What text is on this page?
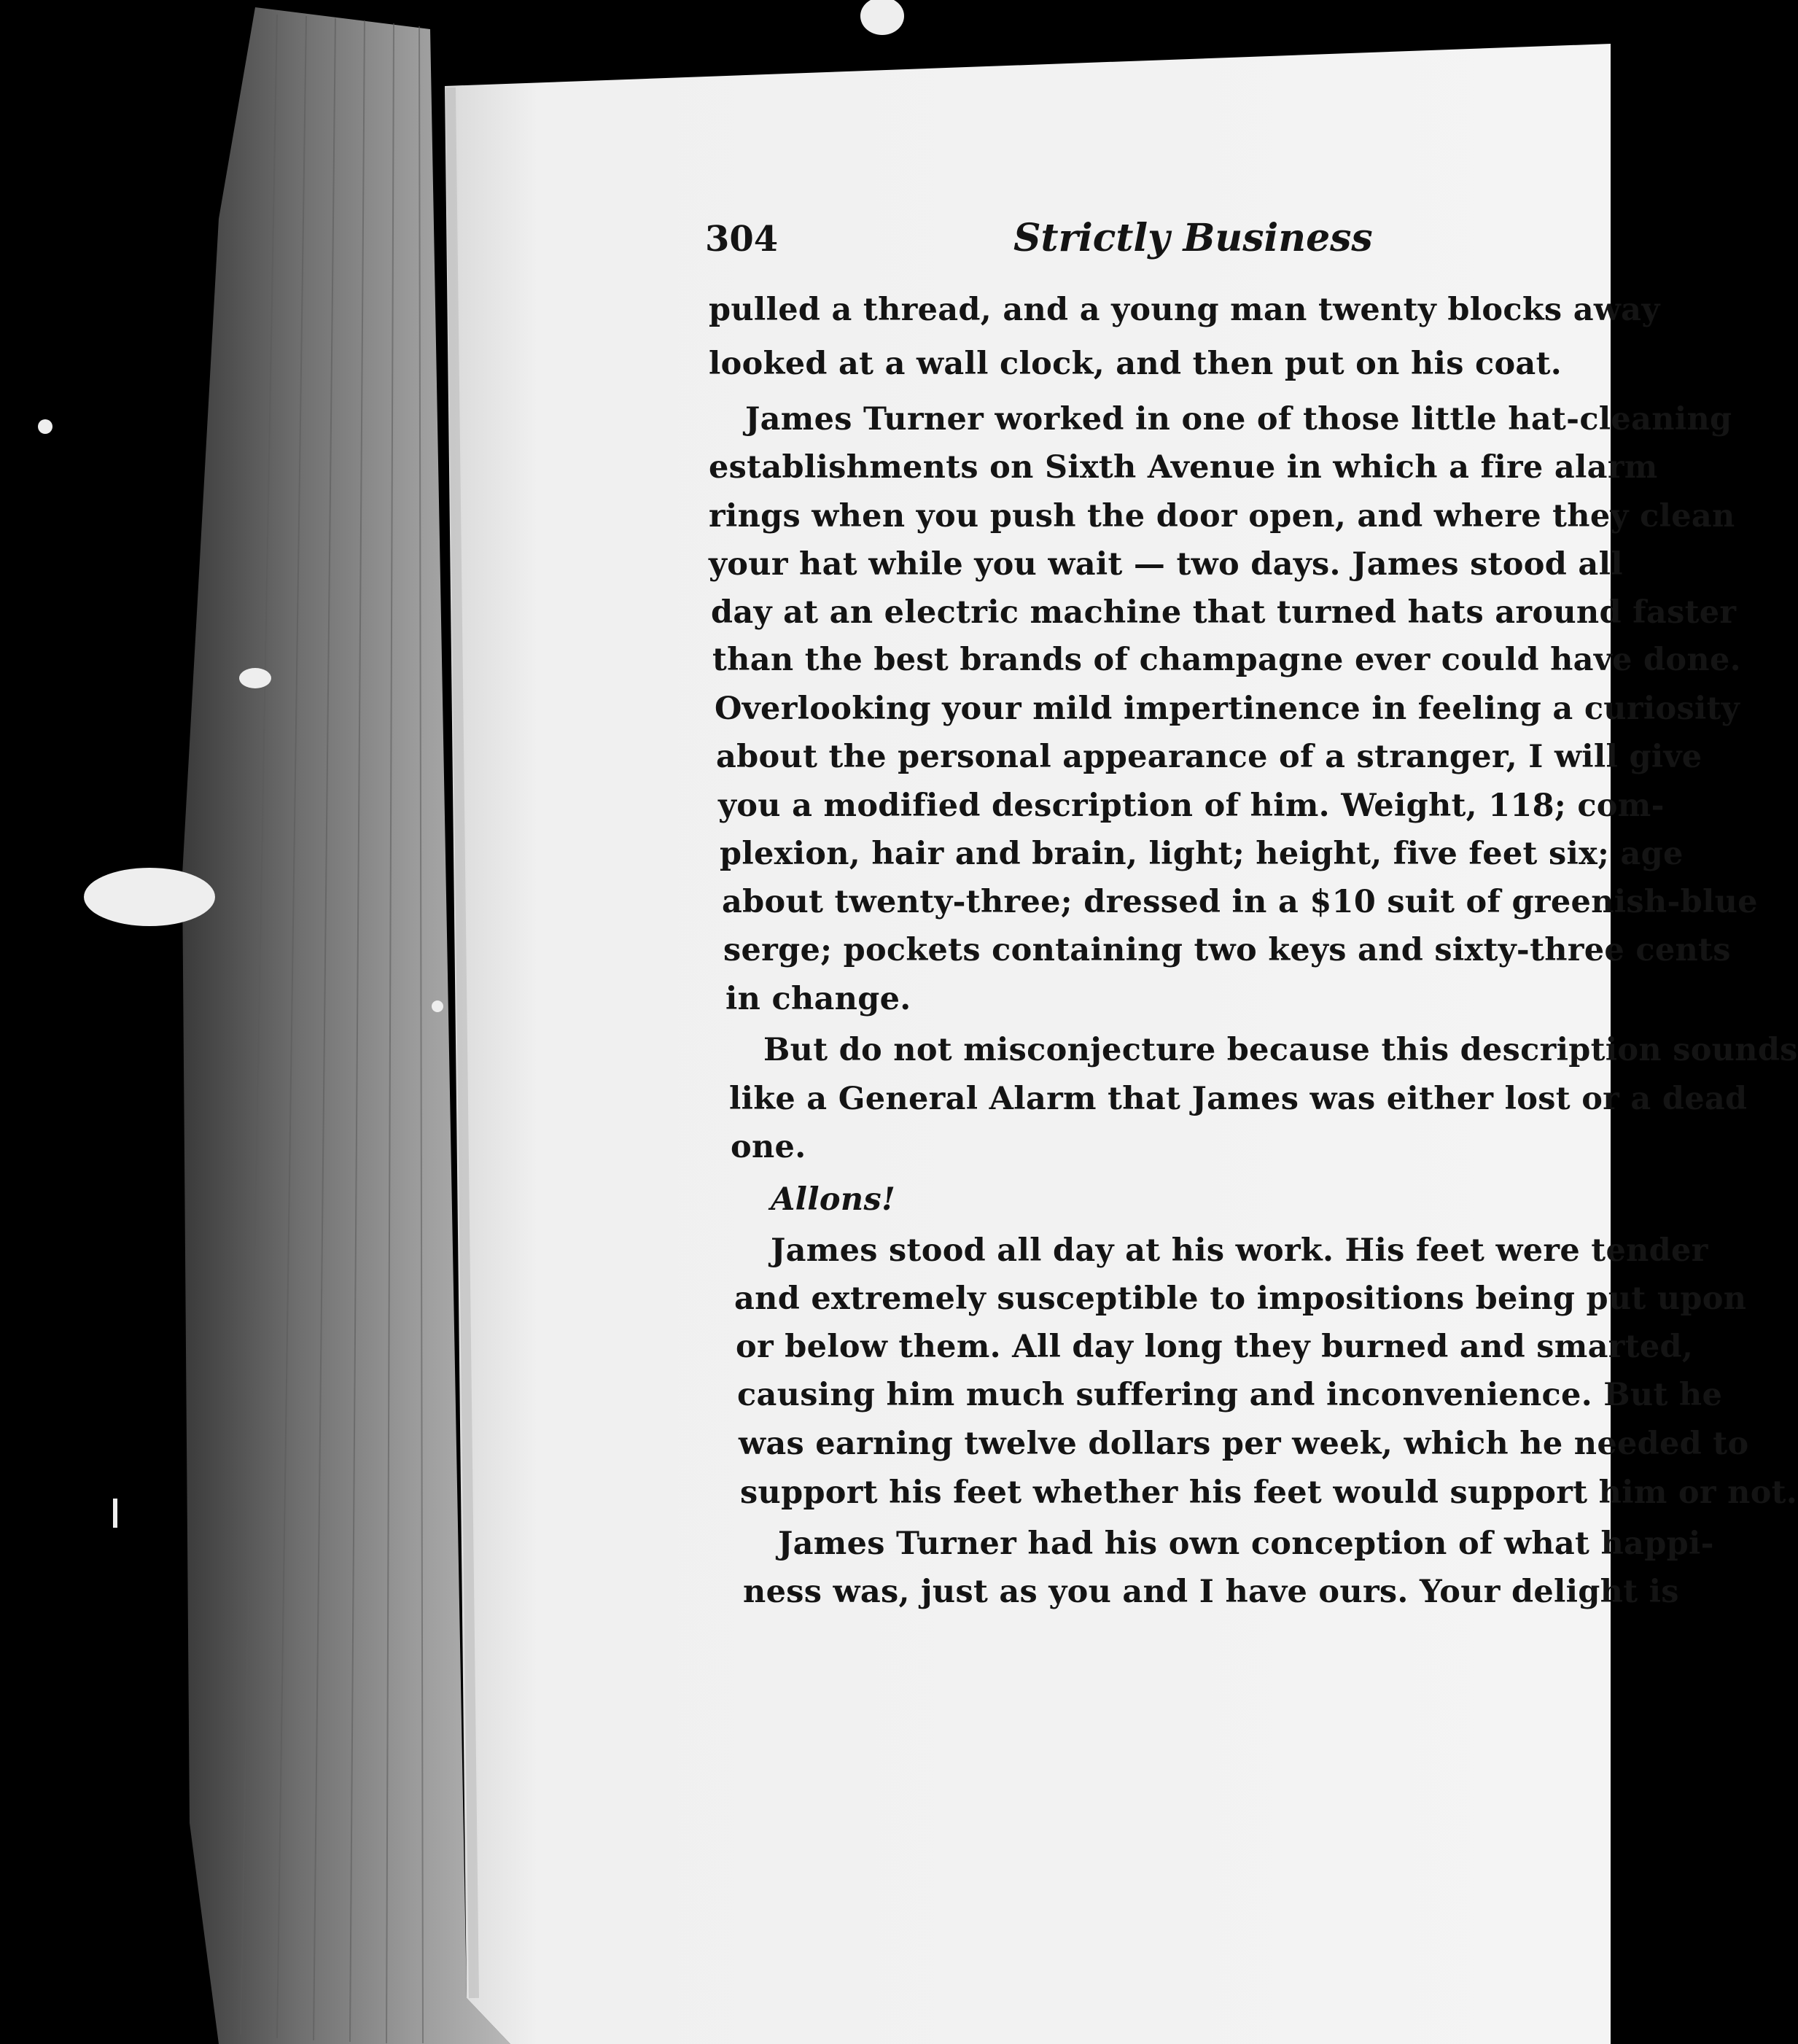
304	Strictly Business
pulled a thread, and a young man twenty blocks away
looked at a wall clock, and then put on his coat.
James Turner worked in one of those little hat-cleaning
establishments on Sixth Avenue in which a fire alarm
rings when you push the door open, and where they clean
your hat while you wait — two days. James stood all
day at an electric machine that turned hats around faster
than the best brands of champagne ever could have done.
Overlooking your mild impertinence in feeling a curiosity
about the personal appearance of a stranger, I will give
you a modified description of him. Weight, 118; com-
plexion, hair and brain, light; height, five feet six; age
about twenty-three; dressed in a $10 suit of greenish-blue
serge; pockets containing two keys and sixty-three cents
in change.
But do not misconjecture because this description sounds
like a General Alarm that James was either lost or a dead
one.
Allons!
James stood all day at his work. His feet were tender
and extremely susceptible to impositions being put upon
or below them. All day long they burned and smarted,
causing him much suffering and inconvenience. But he
was earning twelve dollars per week, which he needed to
support his feet whether his feet would support him or not.
James Turner had his own conception of what happi-
ness was, just as you and I have ours. Your delight is
